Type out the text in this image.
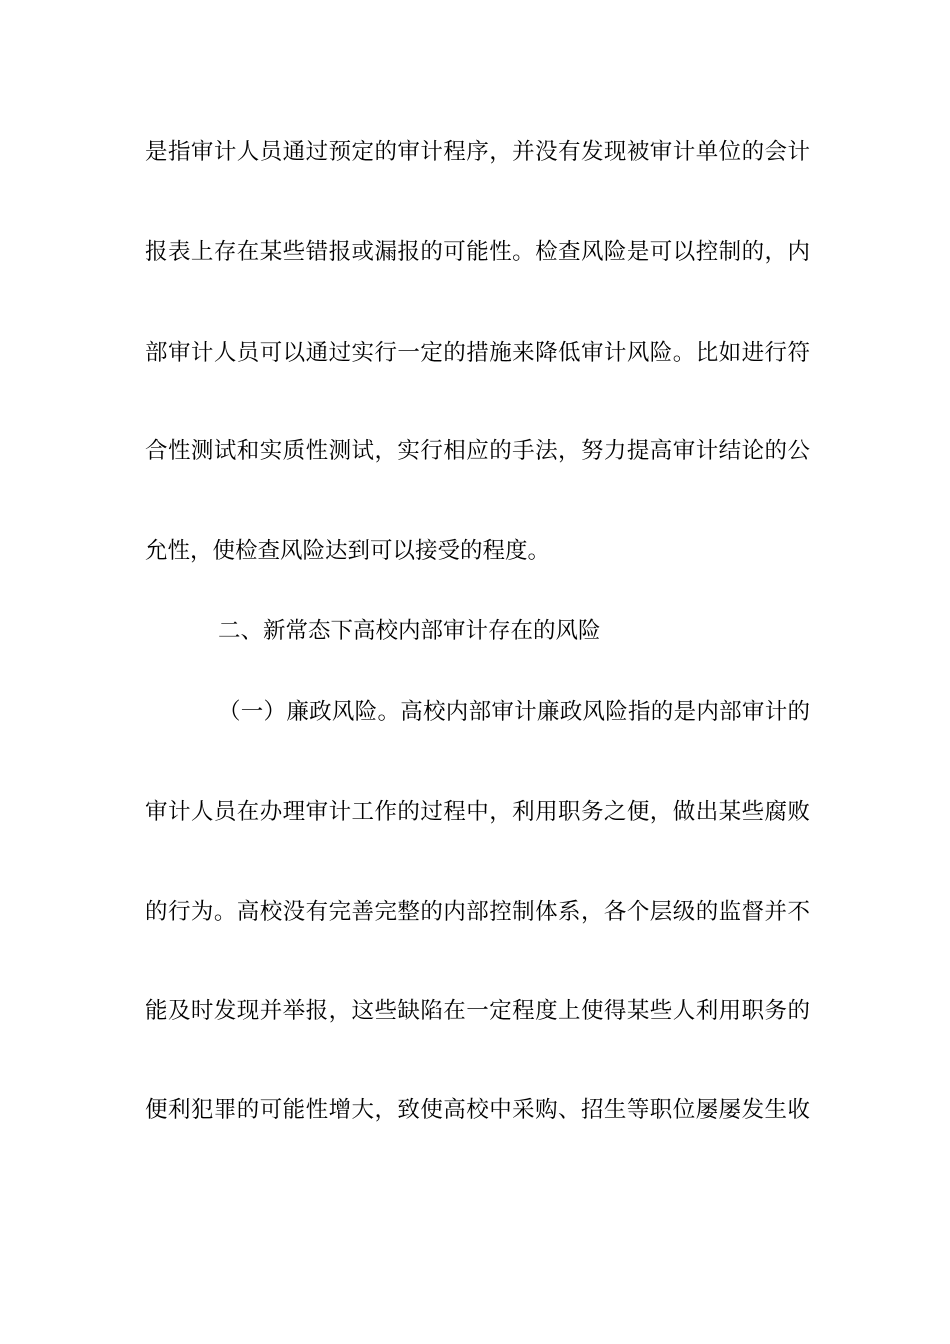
是指审计人员通过预定的审计程序，并没有发现被审计单位的会计
报表上存在某些错报或漏报的可能性。检查风险是可以控制的，内
部审计人员可以通过实行一定的措施来降低审计风险。比如进行符
合性测试和实质性测试，实行相应的手法，努力提高审计结论的公
允性，使检查风险达到可以接受的程度。
二、新常态下高校内部审计存在的风险
（一）廉政风险。高校内部审计廉政风险指的是内部审计的
审计人员在办理审计工作的过程中，利用职务之便，做出某些腐败
的行为。高校没有完善完整的内部控制体系，各个层级的监督并不
能及时发现并举报，这些缺陷在一定程度上使得某些人利用职务的
便利犯罪的可能性增大，致使高校中采购、招生等职位屡屡发生收
